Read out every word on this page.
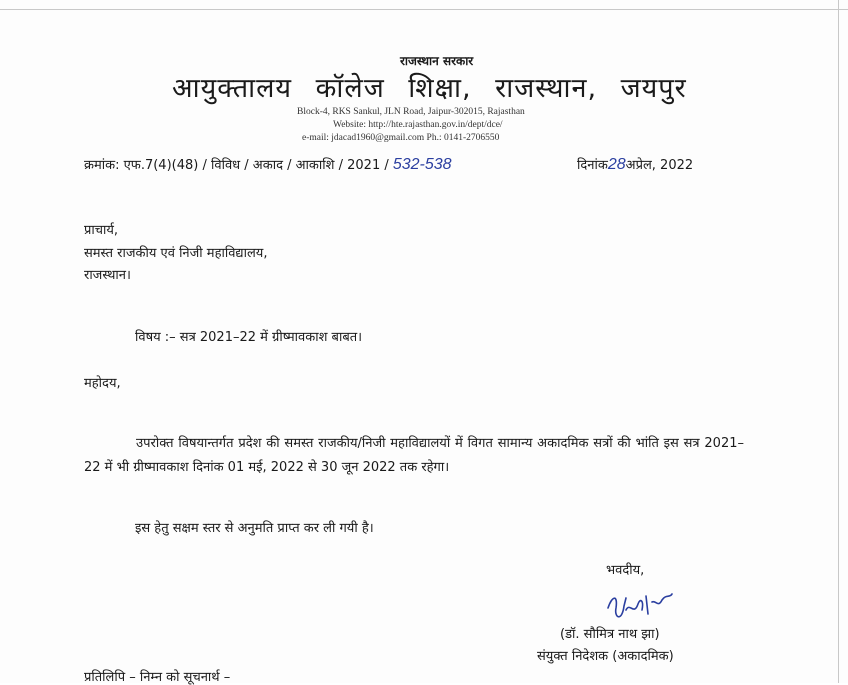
राजस्थान सरकार
आयुक्तालय कॉलेज शिक्षा, राजस्थान, जयपुर
Block-4, RKS Sankul, JLN Road, Jaipur-302015, Rajasthan
Website: http://hte.rajasthan.gov.in/dept/dce/
e-mail: jdacad1960@gmail.com Ph.: 0141-2706550
क्रमांक: एफ.7(4)(48) / विविध / अकाद / आकाशि / 2021 / 532-538	दिनांक28अप्रेल, 2022
प्राचार्य,
समस्त राजकीय एवं निजी महाविद्यालय,
राजस्थान।
विषय :– सत्र 2021–22 में ग्रीष्मावकाश बाबत।
महोदय,
उपरोक्त विषयान्तर्गत प्रदेश की समस्त राजकीय/निजी महाविद्यालयों में विगत सामान्य अकादमिक सत्रों की भांति इस सत्र 2021–22 में भी ग्रीष्मावकाश दिनांक 01 मई, 2022 से 30 जून 2022 तक रहेगा।
इस हेतु सक्षम स्तर से अनुमति प्राप्त कर ली गयी है।
भवदीय,
(डॉ. सौमित्र नाथ झा)
संयुक्त निदेशक (अकादमिक)
प्रतिलिपि – निम्न को सूचनार्थ –
